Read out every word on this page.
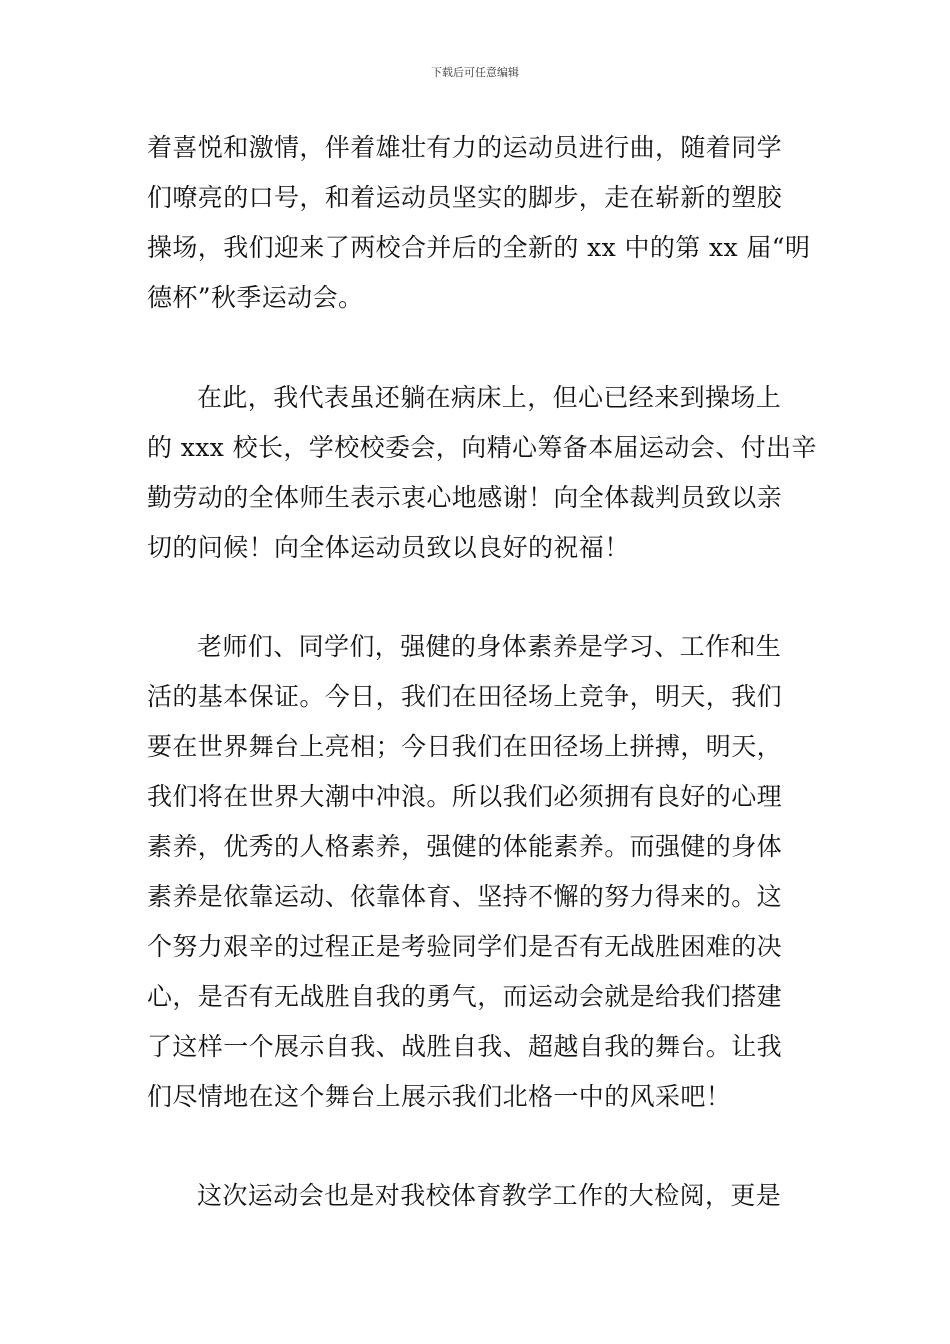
下载后可任意编辑
着喜悦和激情，伴着雄壮有力的运动员进行曲，随着同学
们嘹亮的口号，和着运动员坚实的脚步，走在崭新的塑胶
操场，我们迎来了两校合并后的全新的 xx 中的第 xx 届“明
德杯”秋季运动会。
在此，我代表虽还躺在病床上，但心已经来到操场上
的 xxx 校长，学校校委会，向精心筹备本届运动会、付出辛
勤劳动的全体师生表示衷心地感谢！向全体裁判员致以亲
切的问候！向全体运动员致以良好的祝福！
老师们、同学们，强健的身体素养是学习、工作和生
活的基本保证。今日，我们在田径场上竞争，明天，我们
要在世界舞台上亮相；今日我们在田径场上拼搏，明天，
我们将在世界大潮中冲浪。所以我们必须拥有良好的心理
素养，优秀的人格素养，强健的体能素养。而强健的身体
素养是依靠运动、依靠体育、坚持不懈的努力得来的。这
个努力艰辛的过程正是考验同学们是否有无战胜困难的决
心，是否有无战胜自我的勇气，而运动会就是给我们搭建
了这样一个展示自我、战胜自我、超越自我的舞台。让我
们尽情地在这个舞台上展示我们北格一中的风采吧！
这次运动会也是对我校体育教学工作的大检阅，更是
